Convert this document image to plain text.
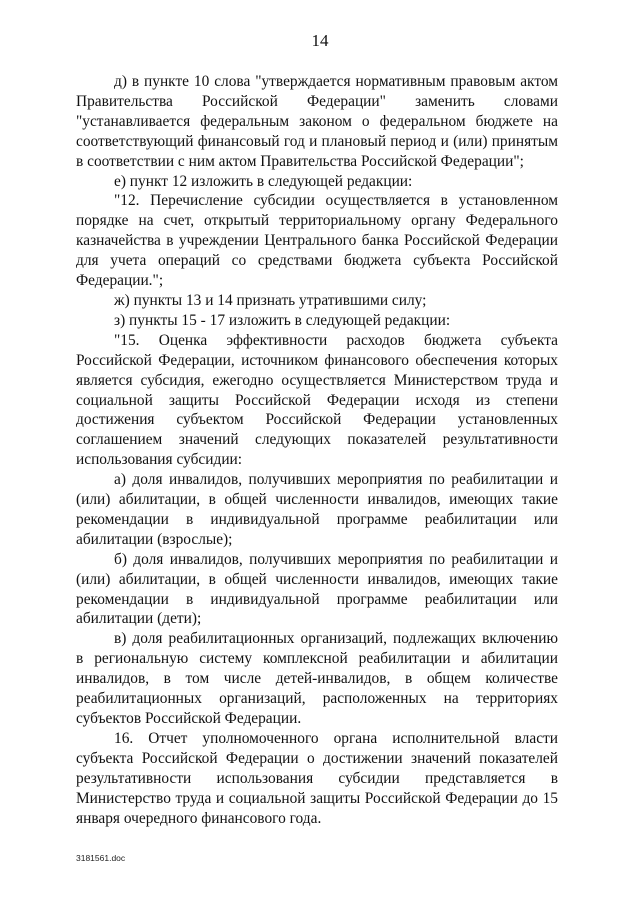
14

д) в пункте 10 слова "утверждается нормативным правовым актом Правительства Российской Федерации" заменить словами "устанавливается федеральным законом о федеральном бюджете на соответствующий финансовый год и плановый период и (или) принятым в соответствии с ним актом Правительства Российской Федерации";

е) пункт 12 изложить в следующей редакции:

"12. Перечисление субсидии осуществляется в установленном порядке на счет, открытый территориальному органу Федерального казначейства в учреждении Центрального банка Российской Федерации для учета операций со средствами бюджета субъекта Российской Федерации.";

ж) пункты 13 и 14 признать утратившими силу;

з) пункты 15 - 17 изложить в следующей редакции:

"15. Оценка эффективности расходов бюджета субъекта Российской Федерации, источником финансового обеспечения которых является субсидия, ежегодно осуществляется Министерством труда и социальной защиты Российской Федерации исходя из степени достижения субъектом Российской Федерации установленных соглашением значений следующих показателей результативности использования субсидии:

а) доля инвалидов, получивших мероприятия по реабилитации и (или) абилитации, в общей численности инвалидов, имеющих такие рекомендации в индивидуальной программе реабилитации или абилитации (взрослые);

б) доля инвалидов, получивших мероприятия по реабилитации и (или) абилитации, в общей численности инвалидов, имеющих такие рекомендации в индивидуальной программе реабилитации или абилитации (дети);

в) доля реабилитационных организаций, подлежащих включению в региональную систему комплексной реабилитации и абилитации инвалидов, в том числе детей-инвалидов, в общем количестве реабилитационных организаций, расположенных на территориях субъектов Российской Федерации.

16. Отчет уполномоченного органа исполнительной власти субъекта Российской Федерации о достижении значений показателей результативности использования субсидии представляется в Министерство труда и социальной защиты Российской Федерации до 15 января очередного финансового года.

3181561.doc
